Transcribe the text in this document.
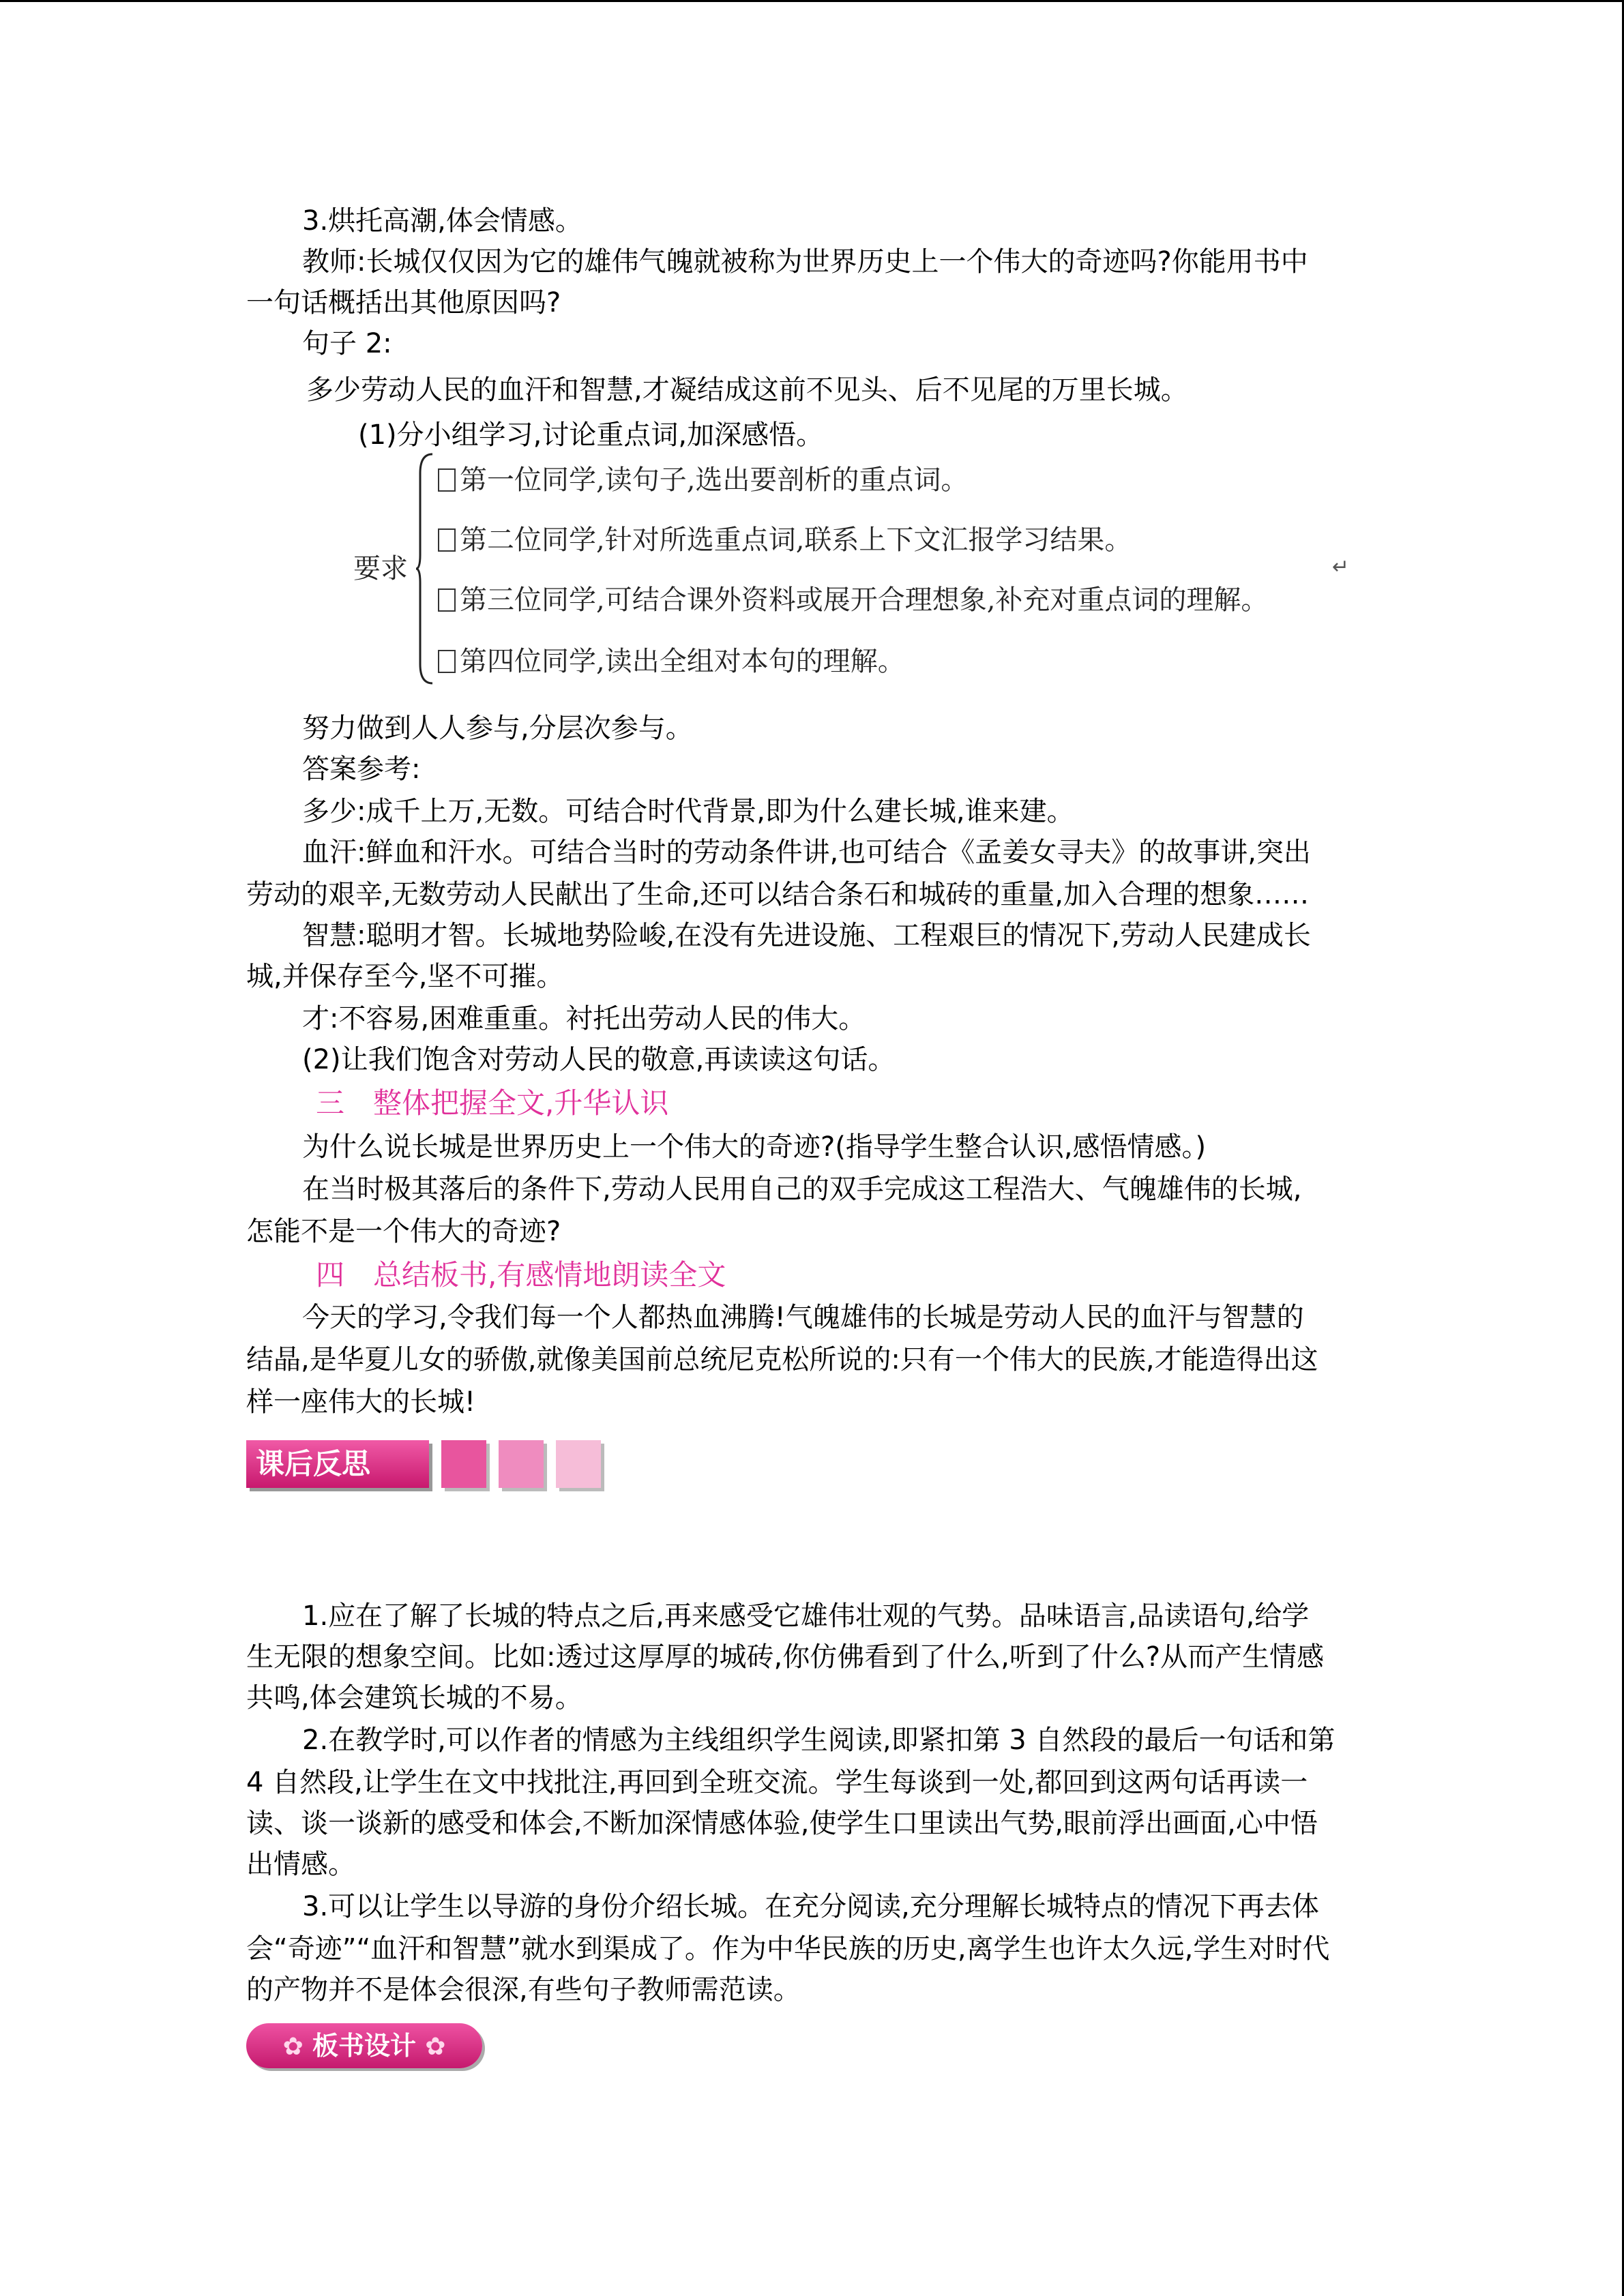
3.烘托高潮,体会情感。
教师:长城仅仅因为它的雄伟气魄就被称为世界历史上一个伟大的奇迹吗?你能用书中
一句话概括出其他原因吗?
句子 2:
多少劳动人民的血汗和智慧,才凝结成这前不见头、后不见尾的万里长城。
(1)分小组学习,讨论重点词,加深感悟。
要求
第一位同学,读句子,选出要剖析的重点词。
第二位同学,针对所选重点词,联系上下文汇报学习结果。
第三位同学,可结合课外资料或展开合理想象,补充对重点词的理解。
第四位同学,读出全组对本句的理解。
↵
努力做到人人参与,分层次参与。
答案参考:
多少:成千上万,无数。可结合时代背景,即为什么建长城,谁来建。
血汗:鲜血和汗水。可结合当时的劳动条件讲,也可结合《孟姜女寻夫》的故事讲,突出
劳动的艰辛,无数劳动人民献出了生命,还可以结合条石和城砖的重量,加入合理的想象……
智慧:聪明才智。长城地势险峻,在没有先进设施、工程艰巨的情况下,劳动人民建成长
城,并保存至今,坚不可摧。
才:不容易,困难重重。衬托出劳动人民的伟大。
(2)让我们饱含对劳动人民的敬意,再读读这句话。
三　整体把握全文,升华认识
为什么说长城是世界历史上一个伟大的奇迹?(指导学生整合认识,感悟情感。)
在当时极其落后的条件下,劳动人民用自己的双手完成这工程浩大、气魄雄伟的长城,
怎能不是一个伟大的奇迹?
四　总结板书,有感情地朗读全文
今天的学习,令我们每一个人都热血沸腾!气魄雄伟的长城是劳动人民的血汗与智慧的
结晶,是华夏儿女的骄傲,就像美国前总统尼克松所说的:只有一个伟大的民族,才能造得出这
样一座伟大的长城!
课后反思
1.应在了解了长城的特点之后,再来感受它雄伟壮观的气势。品味语言,品读语句,给学
生无限的想象空间。比如:透过这厚厚的城砖,你仿佛看到了什么,听到了什么?从而产生情感
共鸣,体会建筑长城的不易。
2.在教学时,可以作者的情感为主线组织学生阅读,即紧扣第 3 自然段的最后一句话和第
4 自然段,让学生在文中找批注,再回到全班交流。学生每谈到一处,都回到这两句话再读一
读、谈一谈新的感受和体会,不断加深情感体验,使学生口里读出气势,眼前浮出画面,心中悟
出情感。
3.可以让学生以导游的身份介绍长城。在充分阅读,充分理解长城特点的情况下再去体
会“奇迹”“血汗和智慧”就水到渠成了。作为中华民族的历史,离学生也许太久远,学生对时代
的产物并不是体会很深,有些句子教师需范读。
✿ 板书设计 ✿
